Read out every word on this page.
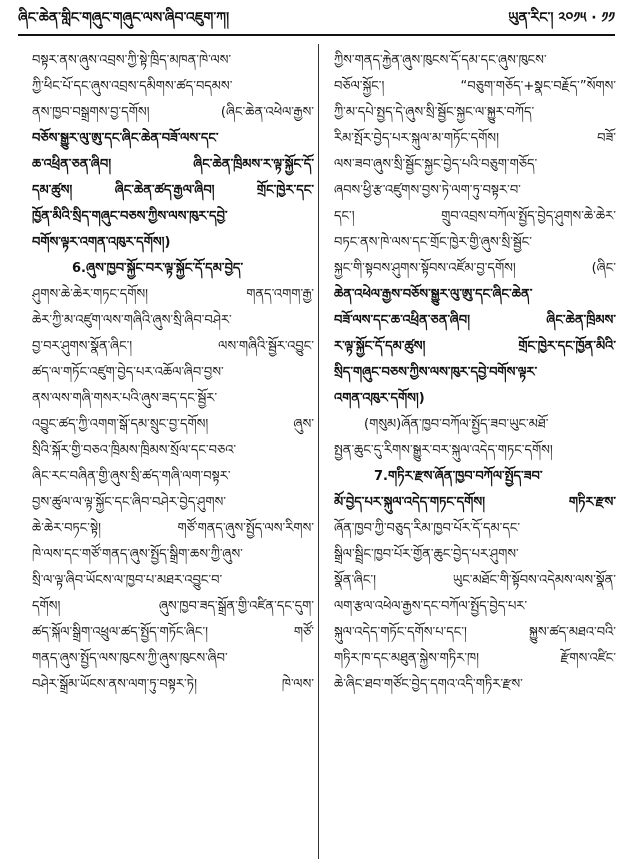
ཞིང་ཆེན་གླིང་གཞུང་གཞུང་ལས་ཞིབ་འཇུག་ཀ།	ཡུན་རིང་། ༢༠༡༥ · ༡༡
བསྟར་ནས་ཞུས་འབྲས་ཀྱི་སྟེ་ཁྲིད་མཁན་ཁེ་ལས་
ཀྱི་ཕིང་པོ་དང་ཞུས་འབྲས་དམིགས་ཚད་བདམས་
ནས་ཁྱབ་བསྒྲགས་བྱ་དགོས། (ཞིང་ཆེན་འཕེལ་རྒྱས་
བཅོས་སྒྱུར་ལུ་ཨུ་དང་ཞིང་ཆེན་བཟོ་ལས་དང་
ཆ་འཕྲིན་ཅན་ཞིབ། ཞིང་ཆེན་ཁྲིམས་ར་ལྟ་སྐྱོང་དོ་
དམ་ཚུས། ཞིང་ཆེན་ཚད་རྒྱལ་ཞིབ། གྲོང་ཁྱེར་དང་
ཁྱོན་མིའི་སྲིད་གཞུང་བཅས་ཀྱིས་ལས་ཁུར་དབྱེ་
བགོས་ལྟར་འགན་འཁུར་དགོས།)
6.ཞུས་ཁྱབ་སྐྱོང་བར་ལྟ་སྐྱོང་དོ་དམ་བྱེད་
ཤུགས་ཆེ་ཆེར་གཏང་དགོས། གནད་འགག་རྒྱ་
ཆེར་ཀྱི་མ་འཛུག་ལས་གཞིའི་ཞུས་སྲི་ཞིབ་བཤེར་
བྱ་བར་ཤུགས་སྣོན་ཞིང་། ལས་གཞིའི་སྦྱོར་འབྱུང་
ཚད་ལ་གཏོང་འཛུག་བྱེད་པར་འཆོལ་ཞིབ་བྱས་
ནས་ལས་གཞི་གསར་པའི་ཞུས་ཟད་དང་སྦྱོར་
འབྱུང་ཚད་ཀྱི་འགག་སྒོ་དམ་སྲུང་བྱ་དགོས། ཞུས་
སྲིའི་སྐོར་གྱི་བཅའ་ཁྲིམས་ཁྲིམས་སྲོལ་དང་བཅའ་
ཞིང་རང་བཞིན་གྱི་ཞུས་སྲི་ཚད་གཞི་ལག་བསྟར་
བྱས་ཚུལ་ལ་ལྟ་སྐྱོང་དང་ཞིབ་བཤེར་བྱེད་ཤུགས་
ཆེ་ཆེར་བཏང་སྟེ། གཙོ་གནད་ཞུས་སྤྱོད་ལས་རིགས་
ཁེ་ལས་དང་གཙོ་གནད་ཞུས་སྤྱོད་སྒྲིག་ཆས་ཀྱི་ཞུས་
སྲི་ལ་ལྟ་ཞིབ་ཡོངས་ལ་ཁྱབ་པ་མཐར་འབྱུང་བ་
དགོས། ཞུས་ཁྱབ་ཟད་སྒྲོན་གྱི་འཛིན་དང་དུག་
ཚད་སྐོལ་སྒྲིག་འཕྲུལ་ཚད་སྤྱོད་གཏོང་ཞིང་། གཙོ་
གནད་ཞུས་སྤྱོད་ལས་ཁུངས་ཀྱི་ཞུས་ཁུངས་ཞིབ་
བཤེར་སྒྲོམ་ཡོངས་ནས་ལག་ཏུ་བསྟར་ཏེ། ཁེ་ལས་
ཀྱིས་གནད་རྐྱེན་ཞུས་ཁུངས་དོ་དམ་དང་ཞུས་ཁུངས་
བཅོལ་སྐྱོང་། “བཅུག་གཅོད་+སྣང་བརྗོད་”སོགས་
ཀྱི་མ་དཔེ་སྤྱད་དེ་ཞུས་སྲི་སྦྱོང་སྐྱང་ལ་སྐྱུར་བཀོད་
རིམ་སྤོར་བྱེད་པར་སྐུལ་མ་གཏོང་དགོས། བཟོ་
ལས་ཟབ་ཞུས་སྲི་སྦྱོང་སྐྱང་བྱེད་པའི་བཅུག་གཅོད་
ཞབས་ཕྱི་རྩ་འཛུགས་བྱས་ཏེ་ལག་ཏུ་བསྟར་བ་
དང་། གྲུབ་འབྲས་བཀོལ་སྤྱོད་བྱེད་ཤུགས་ཆེ་ཆེར་
བཏང་ནས་ཁེ་ལས་དང་གྲོང་ཁྱེར་གྱི་ཞུས་སྲི་སྦྱོང་
སྐྱང་གི་སྟབས་ཤུགས་སྟོབས་འཛོམ་བྱ་དགོས། (ཞིང་
ཆེན་འཕེལ་རྒྱས་བཅོས་སྒྱུར་ལུ་ཨུ་དང་ཞིང་ཆེན་
བཟོ་ལས་དང་ཆ་འཕྲིན་ཅན་ཞིབ། ཞིང་ཆེན་ཁྲིམས་
ར་ལྟ་སྐྱོང་དོ་དམ་ཚུས། གྲོང་ཁྱེར་དང་ཁྱོན་མིའི་
སྲིད་གཞུང་བཅས་ཀྱིས་ལས་ཁུར་དབྱེ་བགོས་ལྟར་
འགན་འཁུར་དགོས།)
(གསུམ)ཞོན་ཁྱབ་བཀོལ་སྤྱོད་ཟབ་ཡུང་མཐོ་
སྤྱན་ཆུང་དུ་རིགས་སྒྱུར་བར་སྐུལ་འདེད་གཏང་དགོས།
7.གཏིར་རྫས་ཞོན་ཁྱབ་བཀོལ་སྤྱོད་ཟབ་
མོ་བྱེད་པར་སྐུལ་འདེད་གཏང་དགོས། གཏིར་རྫས་
ཞོན་ཁྱབ་ཀྱི་བཅུད་རིམ་ཁྱབ་པོར་དོ་དམ་དང་
སྒྲིལ་སྦྲིང་ཁྱབ་པོར་གྱོན་ཆུང་བྱེད་པར་ཤུགས་
སྣོན་ཞིང་། ཡུང་མཐོང་གི་སྟོབས་འདེམས་ལས་སྣོན་
ལག་རྩལ་འཕེལ་རྒྱས་དང་བཀོལ་སྤྱོད་བྱེད་པར་
སྐུལ་འདེད་གཏོང་དགོས་པ་དང་། སྐྱུས་ཚད་མཐའ་བའི་
གཏིར་ཁ་དང་མཐུན་སྐྱེས་གཏིར་ཁ། རྫོགས་འཛིང་
ཆེ་ཞིང་ཐབ་གཙོང་བྱེད་དགའ་འདི་གཏིར་རྫས་
